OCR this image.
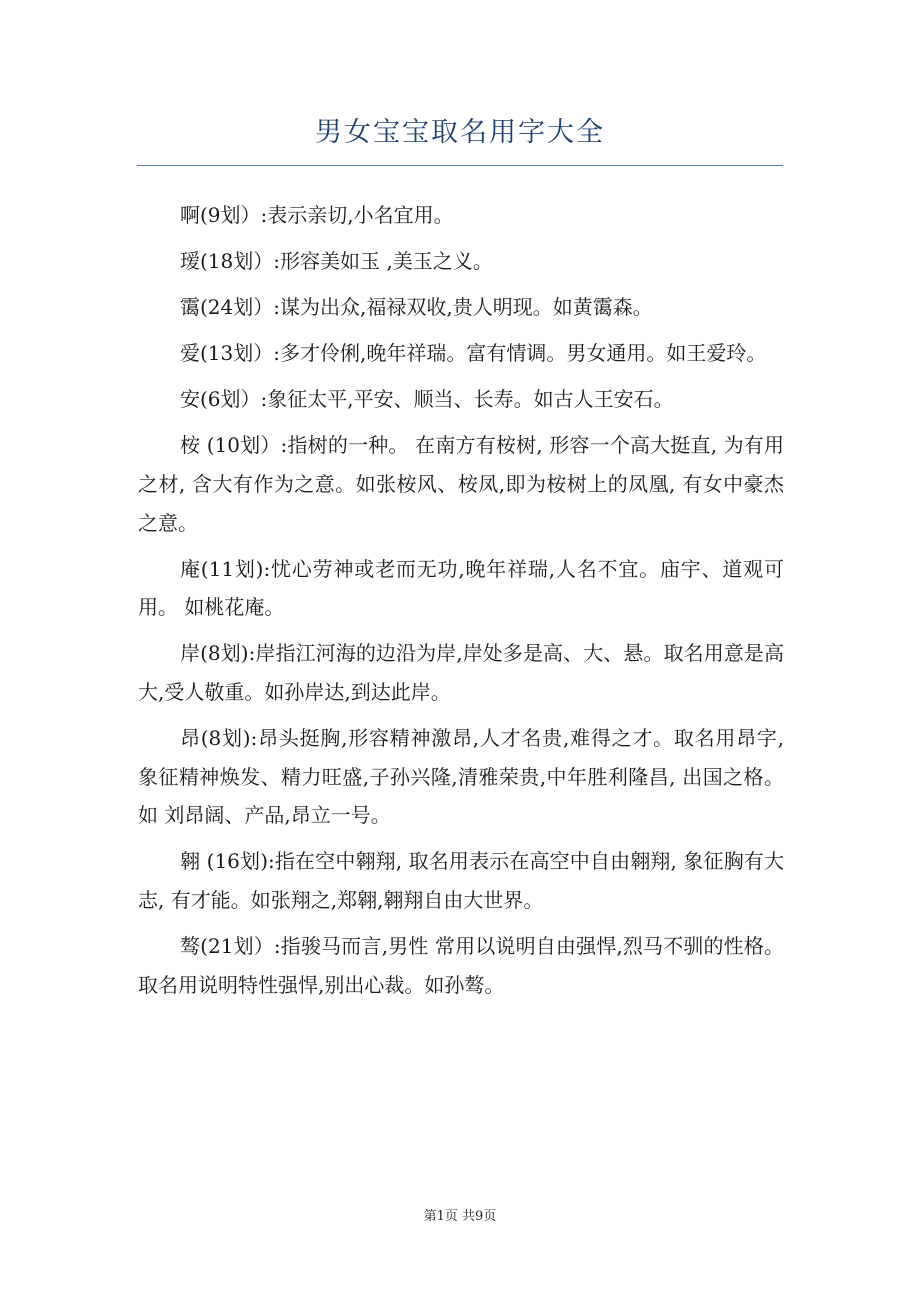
男女宝宝取名用字大全

啊(9划）:表示亲切,小名宜用。

瑷(18划）:形容美如玉 ,美玉之义。

霭(24划）:谋为出众,福禄双收,贵人明现。如黄霭森。

爱(13划）:多才伶俐,晚年祥瑞。富有情调。男女通用。如王爱玲。

安(6划）:象征太平,平安、顺当、长寿。如古人王安石。

桉 (10划）:指树的一种。 在南方有桉树, 形容一个高大挺直, 为有用之材, 含大有作为之意。如张桉风、桉凤,即为桉树上的凤凰, 有女中豪杰之意。

庵(11划):忧心劳神或老而无功,晚年祥瑞,人名不宜。庙宇、道观可用。 如桃花庵。

岸(8划):岸指江河海的边沿为岸,岸处多是高、大、悬。取名用意是高 大,受人敬重。如孙岸达,到达此岸。

昂(8划):昂头挺胸,形容精神激昂,人才名贵,难得之才。取名用昂字, 象征精神焕发、精力旺盛,子孙兴隆,清雅荣贵,中年胜利隆昌, 出国之格。如 刘昂阔、产品,昂立一号。

翱 (16划):指在空中翱翔, 取名用表示在高空中自由翱翔, 象征胸有大志, 有才能。如张翔之,郑翱,翱翔自由大世界。

骜(21划）:指骏马而言,男性 常用以说明自由强悍,烈马不驯的性格。取名用说明特性强悍,别出心裁。如孙骜。

第1页 共9页
